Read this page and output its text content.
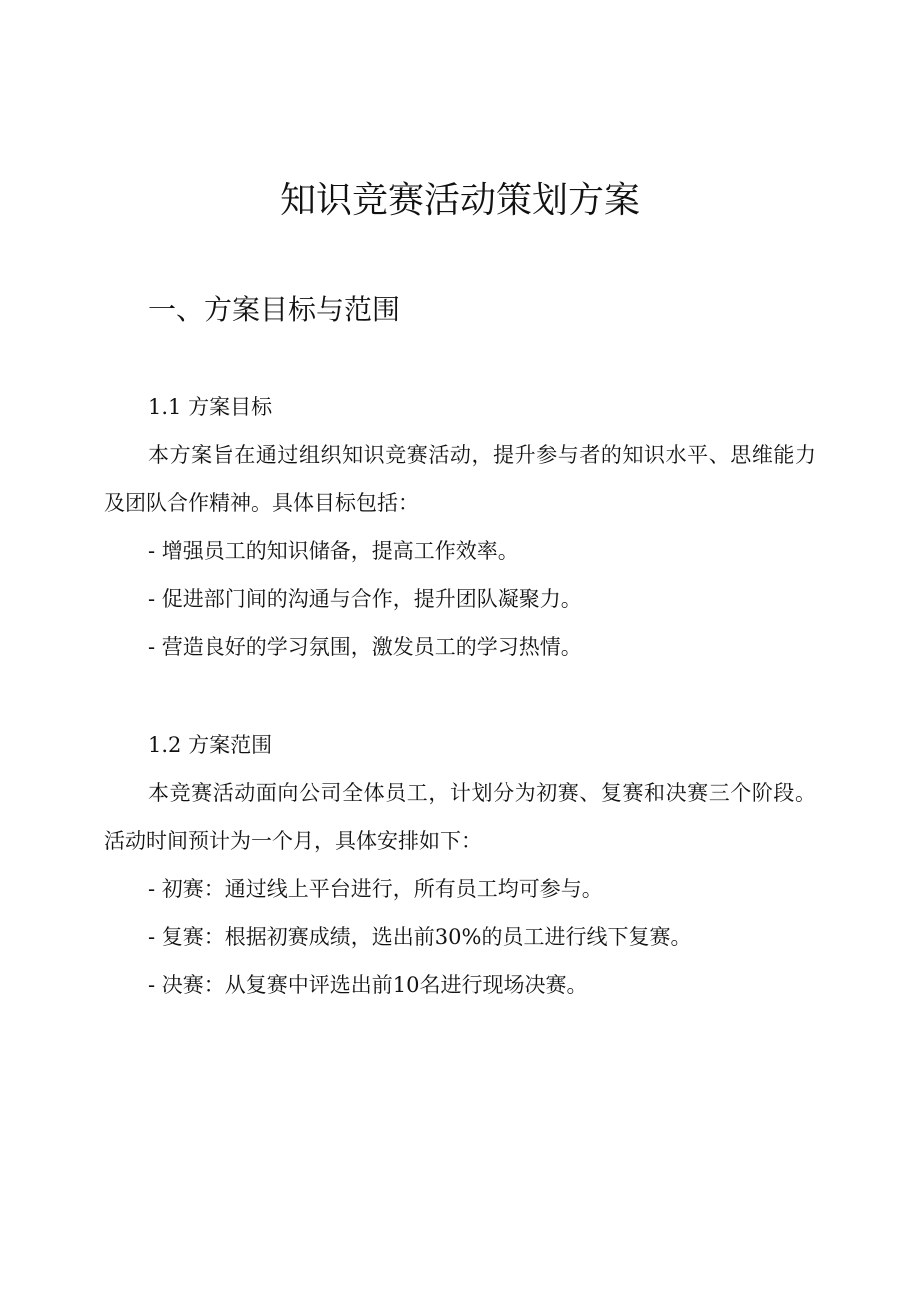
知识竞赛活动策划方案
一、方案目标与范围

1.1 方案目标

本方案旨在通过组织知识竞赛活动，提升参与者的知识水平、思维能力及团队合作精神。具体目标包括：

- 增强员工的知识储备，提高工作效率。

- 促进部门间的沟通与合作，提升团队凝聚力。

- 营造良好的学习氛围，激发员工的学习热情。

1.2 方案范围

本竞赛活动面向公司全体员工，计划分为初赛、复赛和决赛三个阶段。活动时间预计为一个月，具体安排如下：

- 初赛：通过线上平台进行，所有员工均可参与。

- 复赛：根据初赛成绩，选出前30%的员工进行线下复赛。

- 决赛：从复赛中评选出前10名进行现场决赛。
